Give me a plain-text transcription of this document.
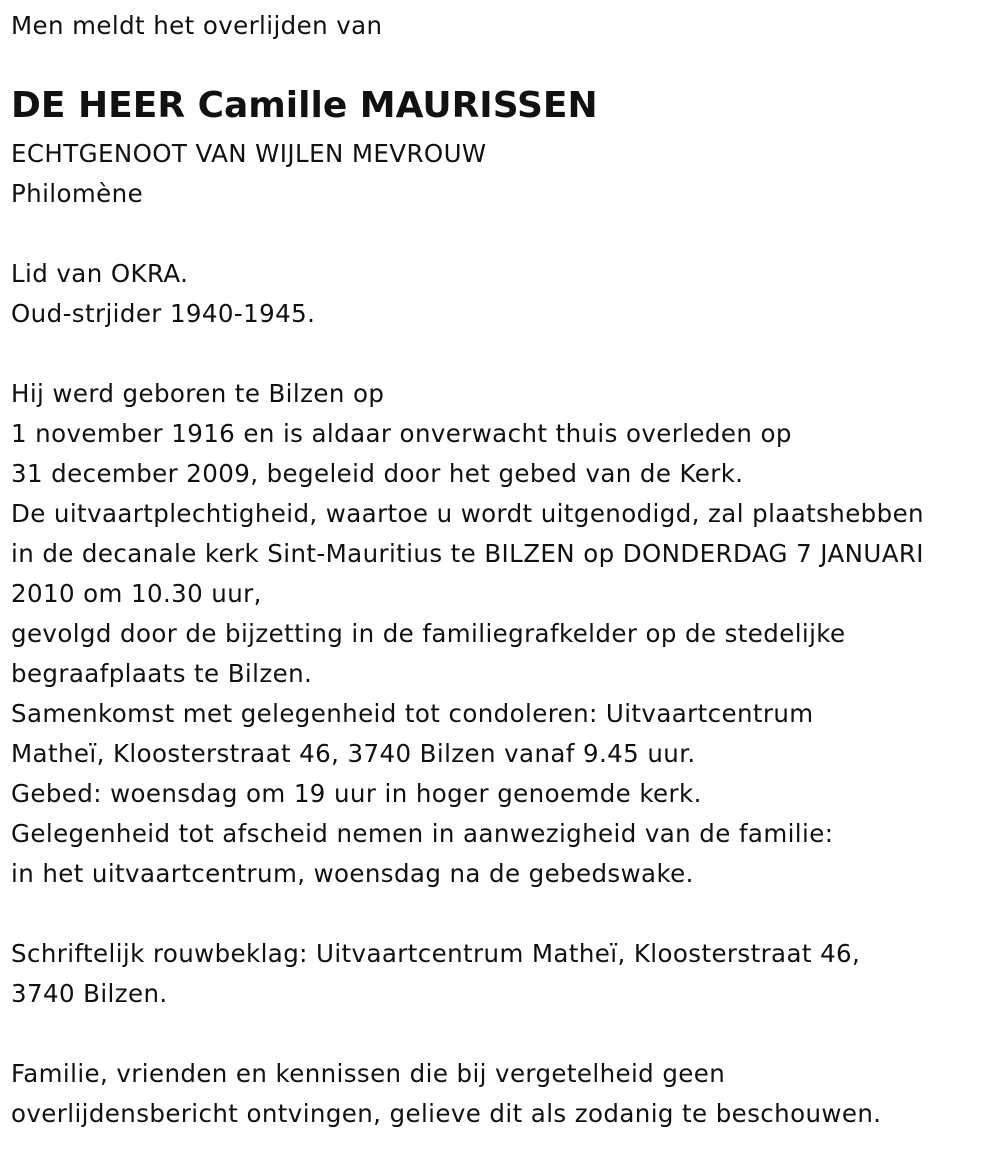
Men meldt het overlijden van
DE HEER Camille MAURISSEN
ECHTGENOOT VAN WIJLEN MEVROUW
Philomène
Lid van OKRA.
Oud-strjider 1940-1945.
Hij werd geboren te Bilzen op
1 november 1916 en is aldaar onverwacht thuis overleden op
31 december 2009, begeleid door het gebed van de Kerk.
De uitvaartplechtigheid, waartoe u wordt uitgenodigd, zal plaatshebben
in de decanale kerk Sint-Mauritius te BILZEN op DONDERDAG 7 JANUARI
2010 om 10.30 uur,
gevolgd door de bijzetting in de familiegrafkelder op de stedelijke
begraafplaats te Bilzen.
Samenkomst met gelegenheid tot condoleren: Uitvaartcentrum
Matheï, Kloosterstraat 46, 3740 Bilzen vanaf 9.45 uur.
Gebed: woensdag om 19 uur in hoger genoemde kerk.
Gelegenheid tot afscheid nemen in aanwezigheid van de familie:
in het uitvaartcentrum, woensdag na de gebedswake.
Schriftelijk rouwbeklag: Uitvaartcentrum Matheï, Kloosterstraat 46,
3740 Bilzen.
Familie, vrienden en kennissen die bij vergetelheid geen
overlijdensbericht ontvingen, gelieve dit als zodanig te beschouwen.
